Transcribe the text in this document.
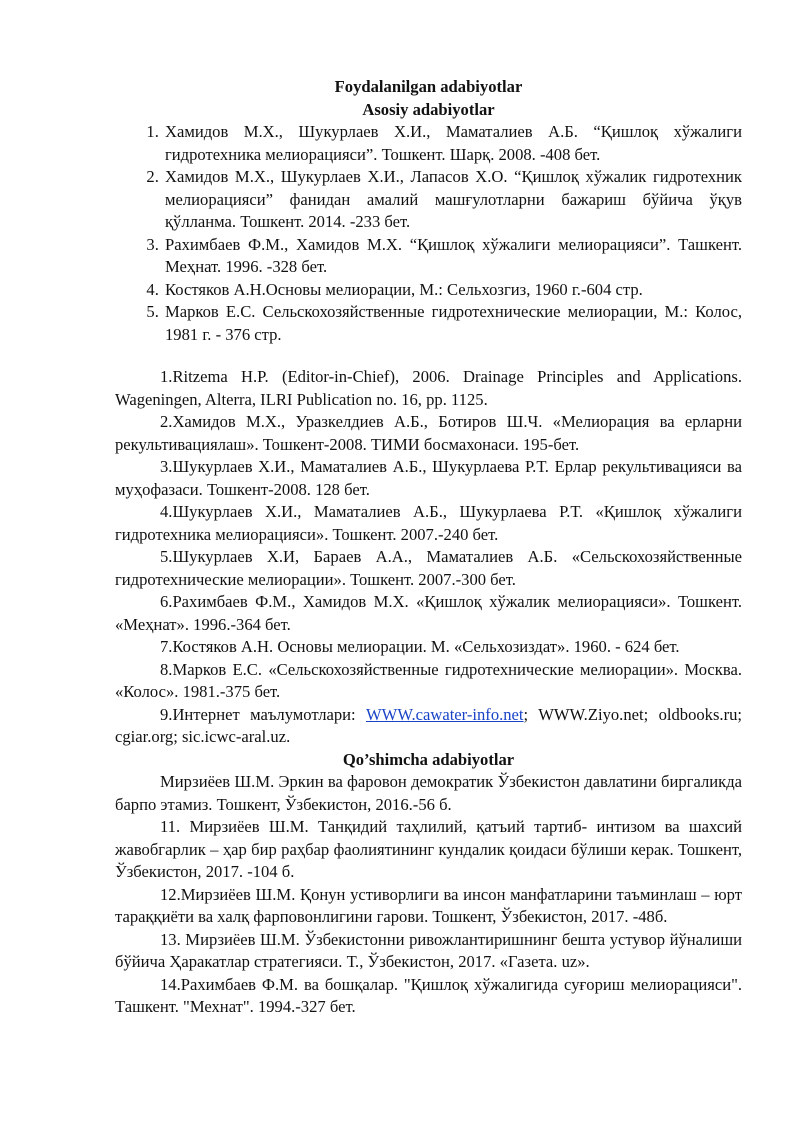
Foydalanilgan adabiyotlar

Asosiy adabiyotlar

1. Хамидов М.Х., Шукурлаев Х.И., Маматалиев А.Б. “Қишлоқ хўжалиги гидротехника мелиорацияси”. Тошкент. Шарқ. 2008. -408 бет.
2. Хамидов М.Х., Шукурлаев Х.И., Лапасов Х.О. “Қишлоқ хўжалик гидротехник мелиорацияси” фанидан амалий машғулотларни бажариш бўйича ўқув қўлланма. Тошкент. 2014. -233 бет.
3. Рахимбаев Ф.М., Хамидов М.Х. “Қишлоқ хўжалиги мелиорацияси”. Ташкент. Меҳнат. 1996. -328 бет.
4. Костяков А.Н.Основы мелиорации, М.: Сельхозгиз, 1960 г.-604 стр.
5. Марков Е.С. Сельскохозяйственные гидротехнические мелиорации, М.: Колос, 1981 г. - 376 стр.

1.Ritzema H.P. (Editor-in-Chief), 2006. Drainage Principles and Applications. Wageningen, Alterra, ILRI Publication no. 16, pp. 1125.

2.Хамидов М.Х., Уразкелдиев А.Б., Ботиров Ш.Ч. «Мелиорация ва ерларни рекультивациялаш». Тошкент-2008. ТИМИ босмахонаси. 195-бет.

3.Шукурлаев Х.И., Маматалиев А.Б., Шукурлаева Р.Т. Ерлар рекультивацияси ва муҳофазаси. Тошкент-2008. 128 бет.

4.Шукурлаев Х.И., Маматалиев А.Б., Шукурлаева Р.Т. «Қишлоқ хўжалиги гидротехника мелиорацияси». Тошкент. 2007.-240 бет.

5.Шукурлаев Х.И, Бараев А.А., Маматалиев А.Б. «Сельскохозяйственные гидротехнические мелиорации». Тошкент. 2007.-300 бет.

6.Рахимбаев Ф.М., Хамидов М.Х. «Қишлоқ хўжалик мелиорацияси». Тошкент. «Меҳнат». 1996.-364 бет.

7.Костяков А.Н. Основы мелиорации. М. «Сельхозиздат». 1960. - 624 бет.

8.Марков Е.С. «Сельскохозяйственные гидротехнические мелиорации». Москва. «Колос». 1981.-375 бет.

9.Интернет маълумотлари: WWW.cawater-info.net; WWW.Ziyo.net; oldbooks.ru; cgiar.org; sic.icwc-aral.uz.

Qo’shimcha adabiyotlar

Мирзиёев Ш.М. Эркин ва фаровон демократик Ўзбекистон давлатини биргаликда барпо этамиз. Тошкент, Ўзбекистон, 2016.-56 б.

11. Мирзиёев Ш.М. Танқидий таҳлилий, қатъий тартиб- интизом ва шахсий жавобгарлик – ҳар бир раҳбар фаолиятининг кундалик қоидаси бўлиши керак. Тошкент, Ўзбекистон, 2017. -104 б.

12.Мирзиёев Ш.М. Қонун устиворлиги ва инсон манфатларини таъминлаш – юрт тараққиёти ва халқ фарповонлигини гарови. Тошкент, Ўзбекистон, 2017. -48б.

13. Мирзиёев Ш.М. Ўзбекистонни ривожлантиришнинг бешта устувор йўналиши бўйича Ҳаракатлар стратегияси. Т., Ўзбекистон, 2017. «Газета. uz».

14.Рахимбаев Ф.М. ва бошқалар. "Қишлоқ хўжалигида суғориш мелиорацияси". Ташкент. "Мехнат". 1994.-327 бет.
